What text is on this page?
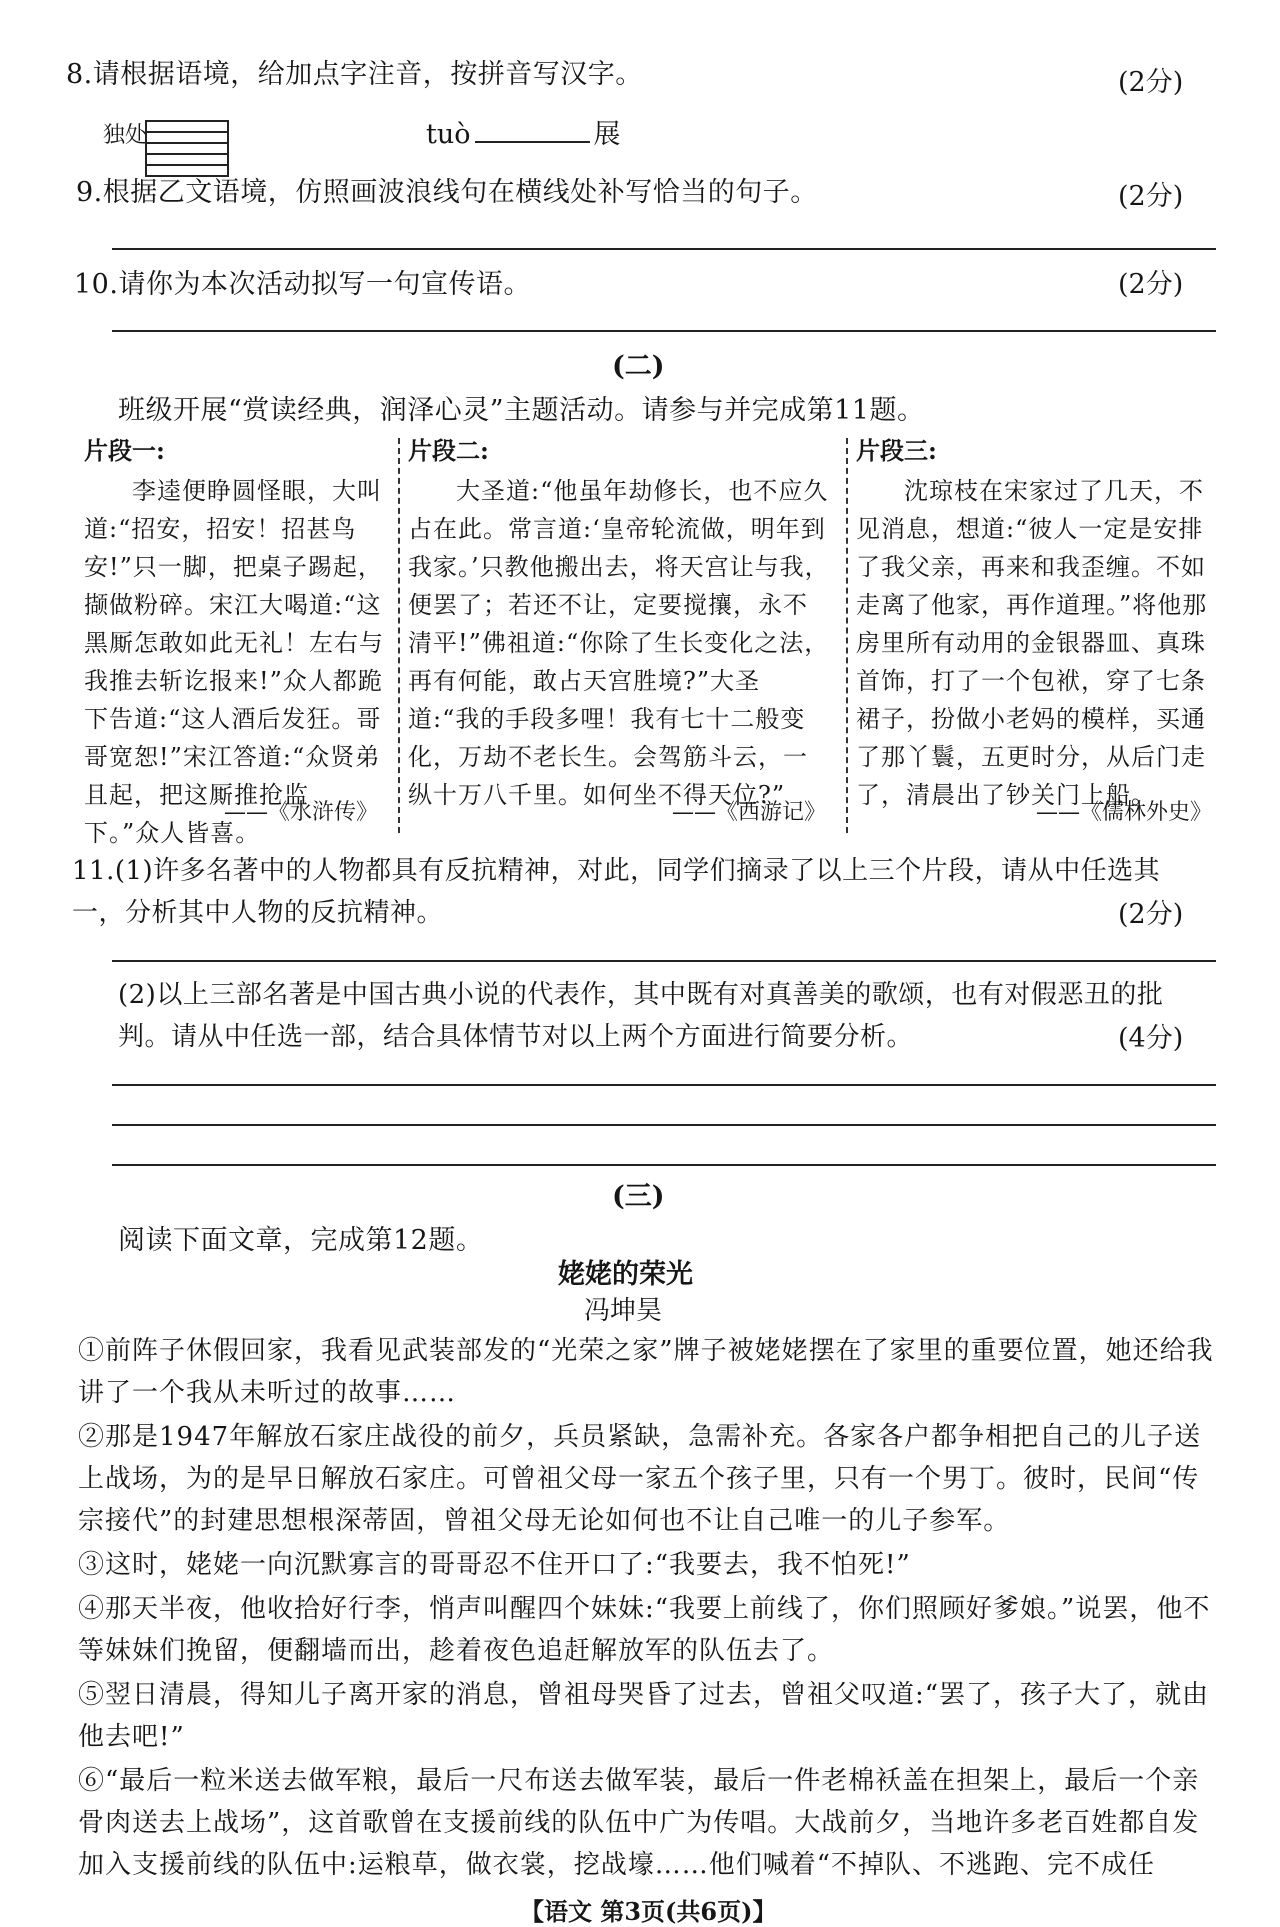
8.请根据语境，给加点字注音，按拼音写汉字。	(2分)
独处	tuò	展
9.根据乙文语境，仿照画波浪线句在横线处补写恰当的句子。	(2分)
10.请你为本次活动拟写一句宣传语。	(2分)
(二)
班级开展“赏读经典，润泽心灵”主题活动。请参与并完成第11题。
片段一:

李逵便睁圆怪眼，大叫道:“招安，招安！招甚鸟安!”只一脚，把桌子踢起，撷做粉碎。宋江大喝道:“这黑厮怎敢如此无礼！左右与我推去斩讫报来!”众人都跪下告道:“这人酒后发狂。哥哥宽恕!”宋江答道:“众贤弟且起，把这厮推抢监下。”众人皆喜。

——《水浒传》
片段二:

大圣道:“他虽年劫修长，也不应久占在此。常言道:‘皇帝轮流做，明年到我家。’只教他搬出去，将天宫让与我，便罢了；若还不让，定要搅攘，永不清平!”佛祖道:“你除了生长变化之法，再有何能，敢占天宫胜境?”大圣道:“我的手段多哩！我有七十二般变化，万劫不老长生。会驾筋斗云，一纵十万八千里。如何坐不得天位?”

——《西游记》
片段三:

沈琼枝在宋家过了几天，不见消息，想道:“彼人一定是安排了我父亲，再来和我歪缠。不如走离了他家，再作道理。”将他那房里所有动用的金银器皿、真珠首饰，打了一个包袱，穿了七条裙子，扮做小老妈的模样，买通了那丫鬟，五更时分，从后门走了，清晨出了钞关门上船。

——《儒林外史》
11.(1)许多名著中的人物都具有反抗精神，对此，同学们摘录了以上三个片段，请从中任选其
一，分析其中人物的反抗精神。	(2分)
(2)以上三部名著是中国古典小说的代表作，其中既有对真善美的歌颂，也有对假恶丑的批
判。请从中任选一部，结合具体情节对以上两个方面进行简要分析。	(4分)
(三)
阅读下面文章，完成第12题。
姥姥的荣光
冯坤昊

①前阵子休假回家，我看见武装部发的“光荣之家”牌子被姥姥摆在了家里的重要位置，她还给我讲了一个我从未听过的故事……

②那是1947年解放石家庄战役的前夕，兵员紧缺，急需补充。各家各户都争相把自己的儿子送上战场，为的是早日解放石家庄。可曾祖父母一家五个孩子里，只有一个男丁。彼时，民间“传宗接代”的封建思想根深蒂固，曾祖父母无论如何也不让自己唯一的儿子参军。

③这时，姥姥一向沉默寡言的哥哥忍不住开口了:“我要去，我不怕死!”

④那天半夜，他收拾好行李，悄声叫醒四个妹妹:“我要上前线了，你们照顾好爹娘。”说罢，他不等妹妹们挽留，便翻墙而出，趁着夜色追赶解放军的队伍去了。

⑤翌日清晨，得知儿子离开家的消息，曾祖母哭昏了过去，曾祖父叹道:“罢了，孩子大了，就由他去吧!”

⑥“最后一粒米送去做军粮，最后一尺布送去做军装，最后一件老棉袄盖在担架上，最后一个亲骨肉送去上战场”，这首歌曾在支援前线的队伍中广为传唱。大战前夕，当地许多老百姓都自发加入支援前线的队伍中:运粮草，做衣裳，挖战壕……他们喊着“不掉队、不逃跑、完不成任

【语文 第3页(共6页)】
